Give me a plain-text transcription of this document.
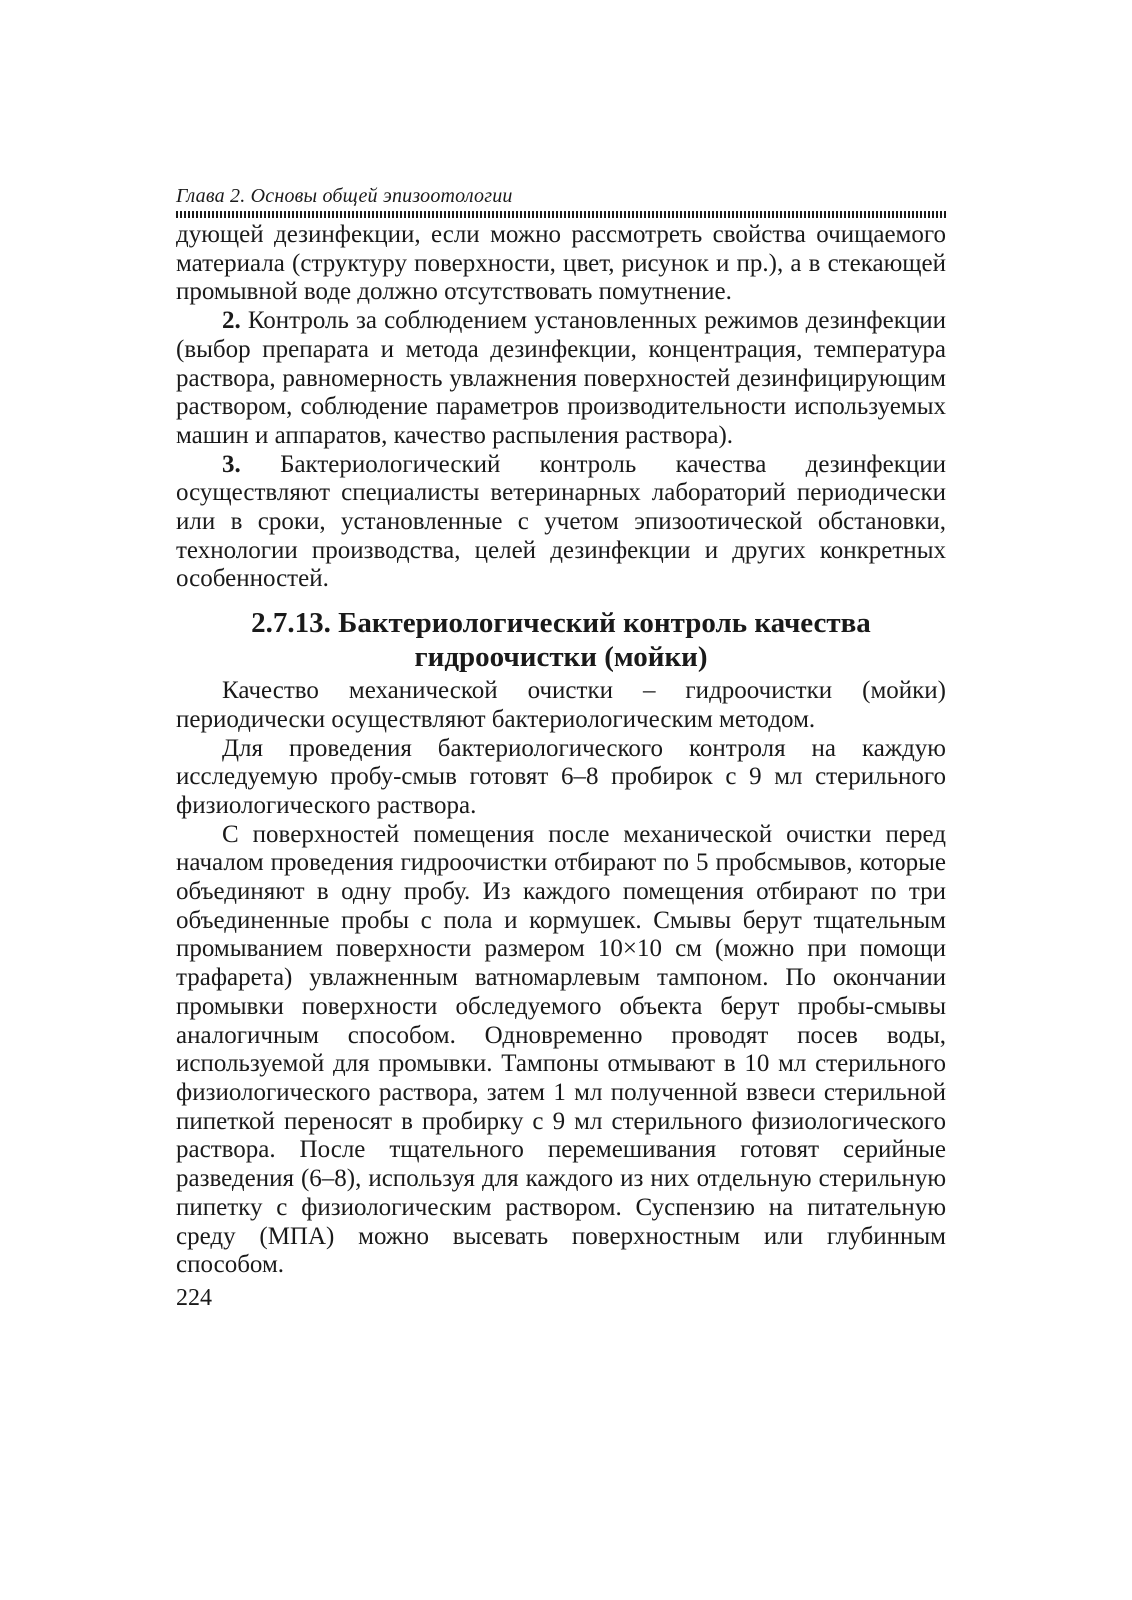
Глава 2. Основы общей эпизоотологии

дующей дезинфекции, если можно рассмотреть свойства очищаемого материала (структуру поверхности, цвет, рисунок и пр.), а в стекающей промывной воде должно отсутствовать помутнение.

2. Контроль за соблюдением установленных режимов дезинфекции (выбор препарата и метода дезинфекции, концентрация, температура раствора, равномерность увлажнения поверхностей дезинфицирующим раствором, соблюдение параметров производительности используемых машин и аппаратов, качество распыления раствора).

3. Бактериологический контроль качества дезинфекции осуществляют специалисты ветеринарных лабораторий периодически или в сроки, установленные с учетом эпизоотической обстановки, технологии производства, целей дезинфекции и других конкретных особенностей.

2.7.13. Бактериологический контроль качества
гидроочистки (мойки)

Качество механической очистки – гидроочистки (мойки) периодически осуществляют бактериологическим методом.

Для проведения бактериологического контроля на каждую исследуемую пробу-смыв готовят 6–8 пробирок с 9 мл стерильного физиологического раствора.

С поверхностей помещения после механической очистки перед началом проведения гидроочистки отбирают по 5 пробсмывов, которые объединяют в одну пробу. Из каждого помещения отбирают по три объединенные пробы с пола и кормушек. Смывы берут тщательным промыванием поверхности размером 10×10 см (можно при помощи трафарета) увлажненным ватномарлевым тампоном. По окончании промывки поверхности обследуемого объекта берут пробы-смывы аналогичным способом. Одновременно проводят посев воды, используемой для промывки. Тампоны отмывают в 10 мл стерильного физиологического раствора, затем 1 мл полученной взвеси стерильной пипеткой переносят в пробирку с 9 мл стерильного физиологического раствора. После тщательного перемешивания готовят серийные разведения (6–8), используя для каждого из них отдельную стерильную пипетку с физиологическим раствором. Суспензию на питательную среду (МПА) можно высевать поверхностным или глубинным способом.

224
